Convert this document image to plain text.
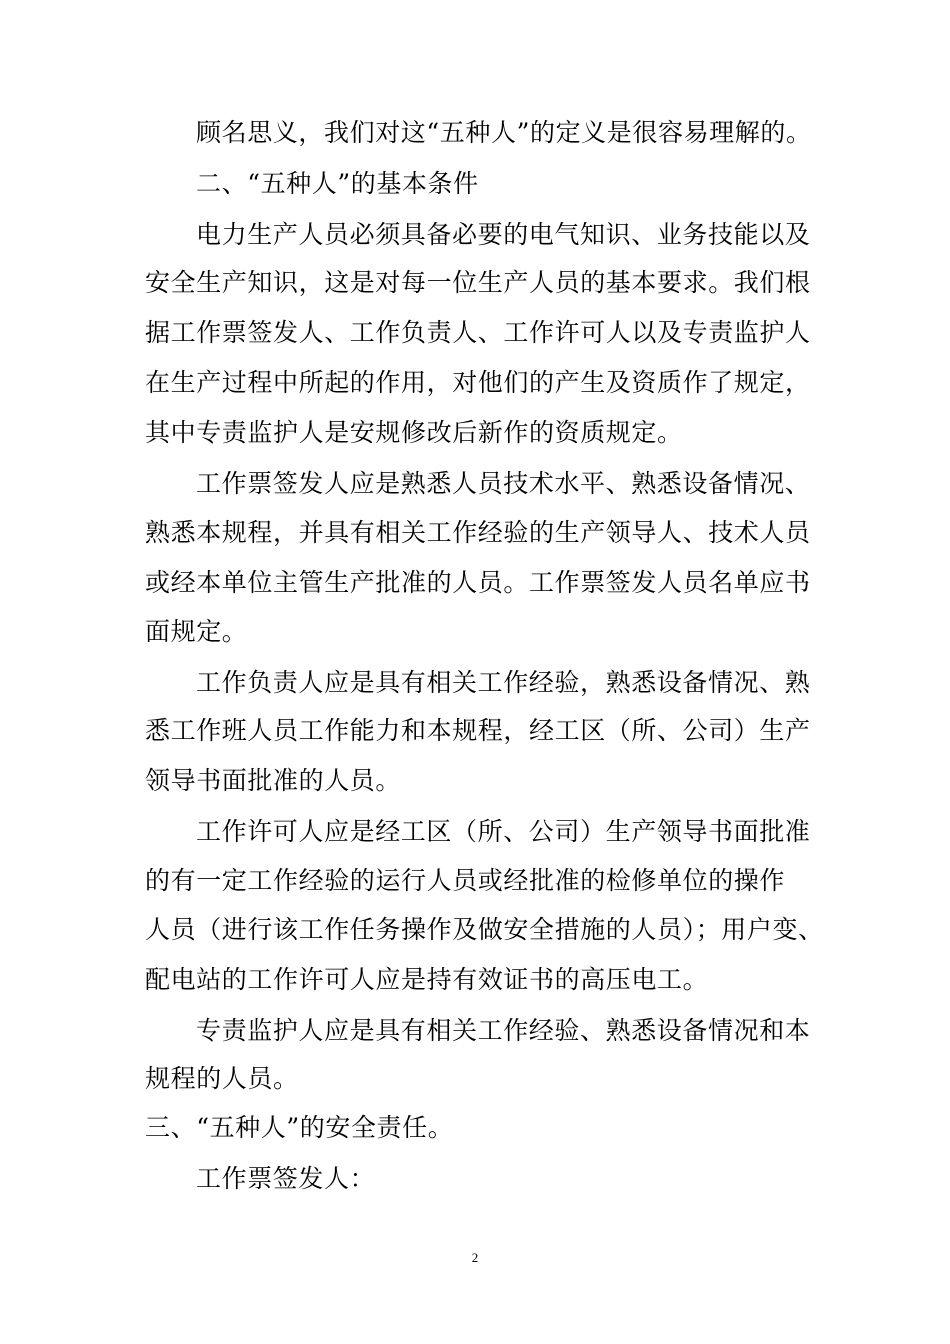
顾名思义，我们对这“五种人”的定义是很容易理解的。
二、“五种人”的基本条件
电力生产人员必须具备必要的电气知识、业务技能以及
安全生产知识，这是对每一位生产人员的基本要求。我们根
据工作票签发人、工作负责人、工作许可人以及专责监护人
在生产过程中所起的作用，对他们的产生及资质作了规定，
其中专责监护人是安规修改后新作的资质规定。
工作票签发人应是熟悉人员技术水平、熟悉设备情况、
熟悉本规程，并具有相关工作经验的生产领导人、技术人员
或经本单位主管生产批准的人员。工作票签发人员名单应书
面规定。
工作负责人应是具有相关工作经验，熟悉设备情况、熟
悉工作班人员工作能力和本规程，经工区（所、公司）生产
领导书面批准的人员。
工作许可人应是经工区（所、公司）生产领导书面批准
的有一定工作经验的运行人员或经批准的检修单位的操作
人员（进行该工作任务操作及做安全措施的人员）；用户变、
配电站的工作许可人应是持有效证书的高压电工。
专责监护人应是具有相关工作经验、熟悉设备情况和本
规程的人员。
三、“五种人”的安全责任。
工作票签发人：
2
